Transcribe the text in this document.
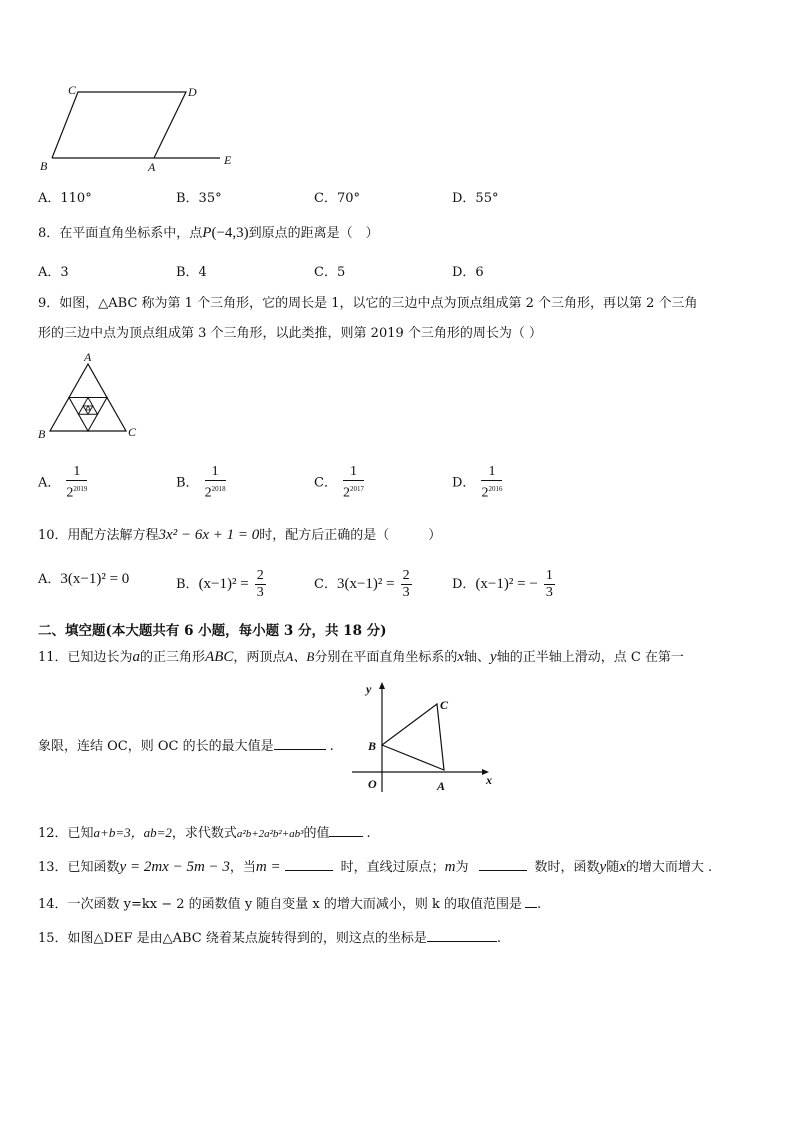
C	D
B	A	E
A．110°	B．35°	C．70°	D．55°
8．在平面直角坐标系中，点P(−4,3)到原点的距离是（　）
A．3	B．4	C．5	D．6
9．如图，△ABC 称为第 1 个三角形，它的周长是 1，以它的三边中点为顶点组成第 2 个三角形，再以第 2 个三角
形的三边中点为顶点组成第 3 个三角形，以此类推，则第 2019 个三角形的周长为（ ）
A
B	C
A． $\frac{1}{2^{2019}}$	B． $\frac{1}{2^{2018}}$	C． $\frac{1}{2^{2017}}$	D． $\frac{1}{2^{2016}}$
10．用配方法解方程3x² − 6x + 1 = 0时，配方后正确的是（　　　）
A．3(x−1)² = 0	B．$(x-1)^2 = \frac{2}{3}$	C．$3(x-1)^2 = \frac{2}{3}$	D．(x−1)² = − $\frac{1}{3}$
二、填空题(本大题共有 6 小题，每小题 3 分，共 18 分)
11．已知边长为a的正三角形ABC，两顶点A、B分别在平面直角坐标系的x轴、y轴的正半轴上滑动，点 C 在第一
象限，连结 OC，则 OC 的长的最大值是	.
y
x
O	A
B
C
12．已知a+b=3，ab=2，求代数式a²b+2a²b²+ab³的值	.
13．已知函数y = 2mx − 5m − 3，当m =	时，直线过原点；m为	数时，函数y随x的增大而增大 .
14．一次函数 y=kx − 2 的函数值 y 随自变量 x 的增大而减小，则 k 的取值范围是 .
15．如图△DEF 是由△ABC 绕着某点旋转得到的，则这点的坐标是	.
